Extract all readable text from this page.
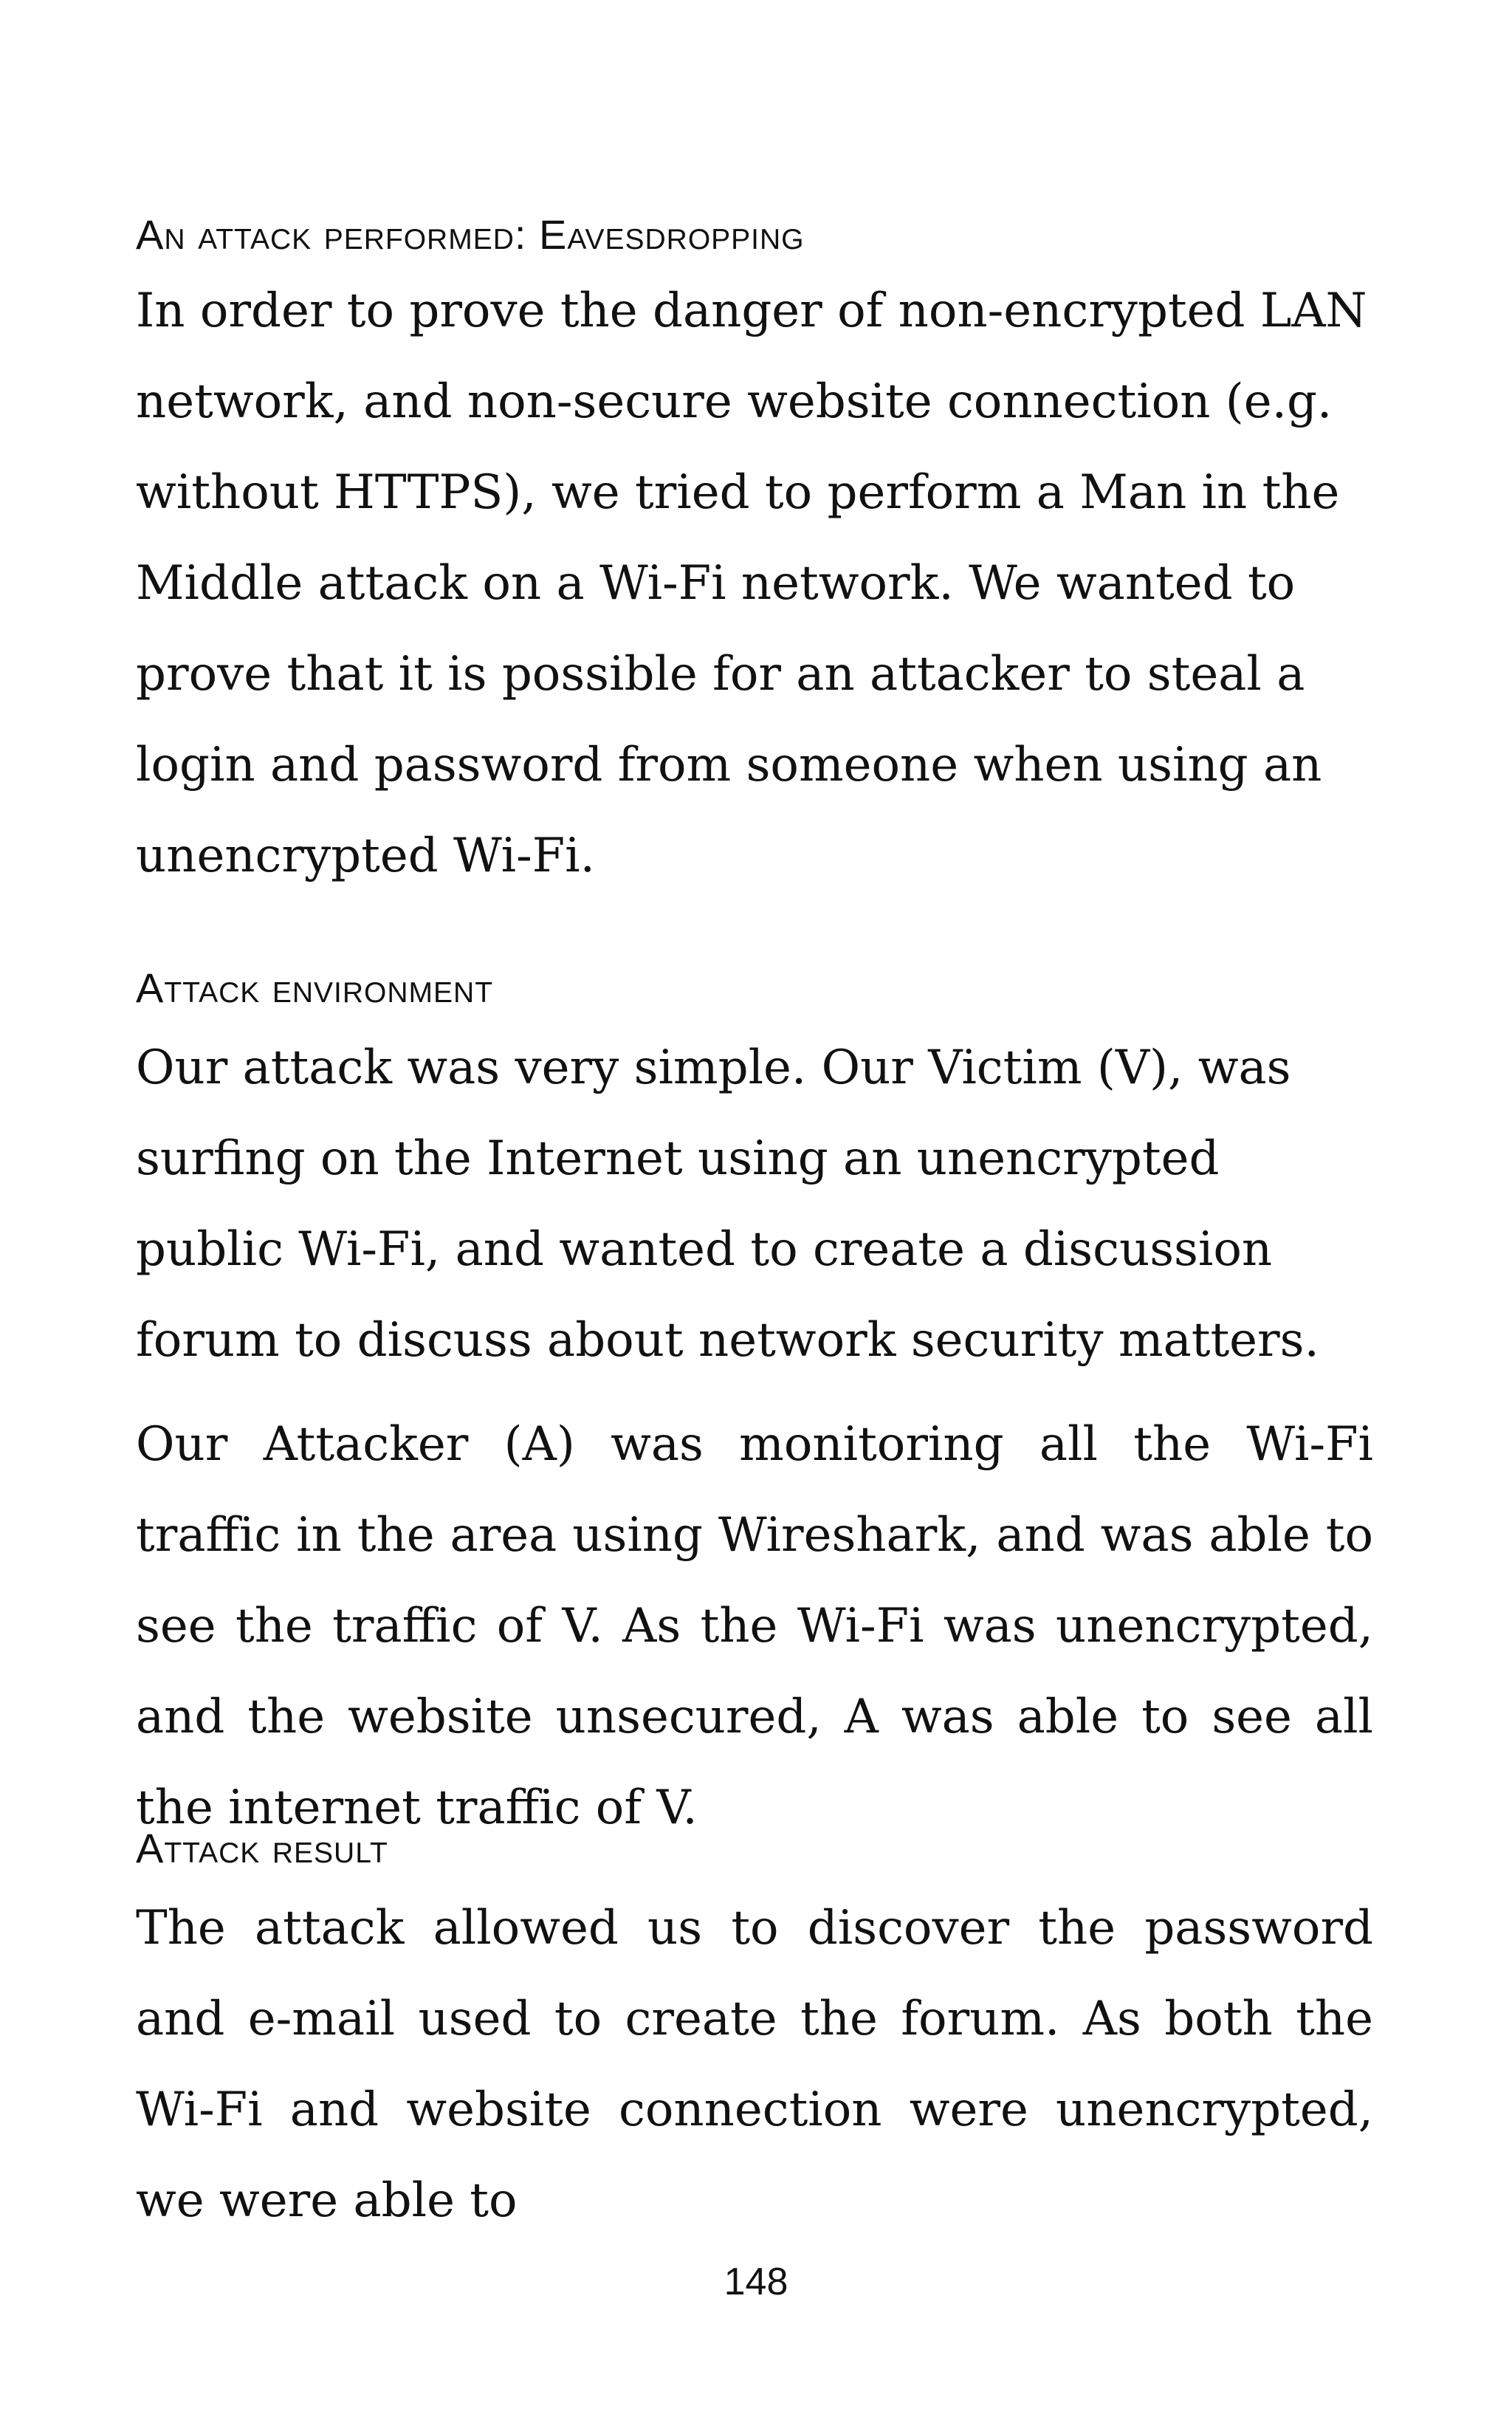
An attack performed: Eavesdropping

In order to prove the danger of non-encrypted LAN network, and non-secure website connection (e.g. without HTTPS), we tried to perform a Man in the Middle attack on a Wi-Fi network. We wanted to prove that it is possible for an attacker to steal a login and password from someone when using an unencrypted Wi-Fi.

Attack environment

Our attack was very simple. Our Victim (V), was surfing on the Internet using an unencrypted public Wi-Fi, and wanted to create a discussion forum to discuss about network security matters.

Our Attacker (A) was monitoring all the Wi-Fi traffic in the area using Wireshark, and was able to see the traffic of V. As the Wi-Fi was unencrypted, and the website unsecured, A was able to see all the internet traffic of V.

Attack result

The attack allowed us to discover the password and e-mail used to create the forum. As both the Wi-Fi and website connection were unencrypted, we were able to

148
